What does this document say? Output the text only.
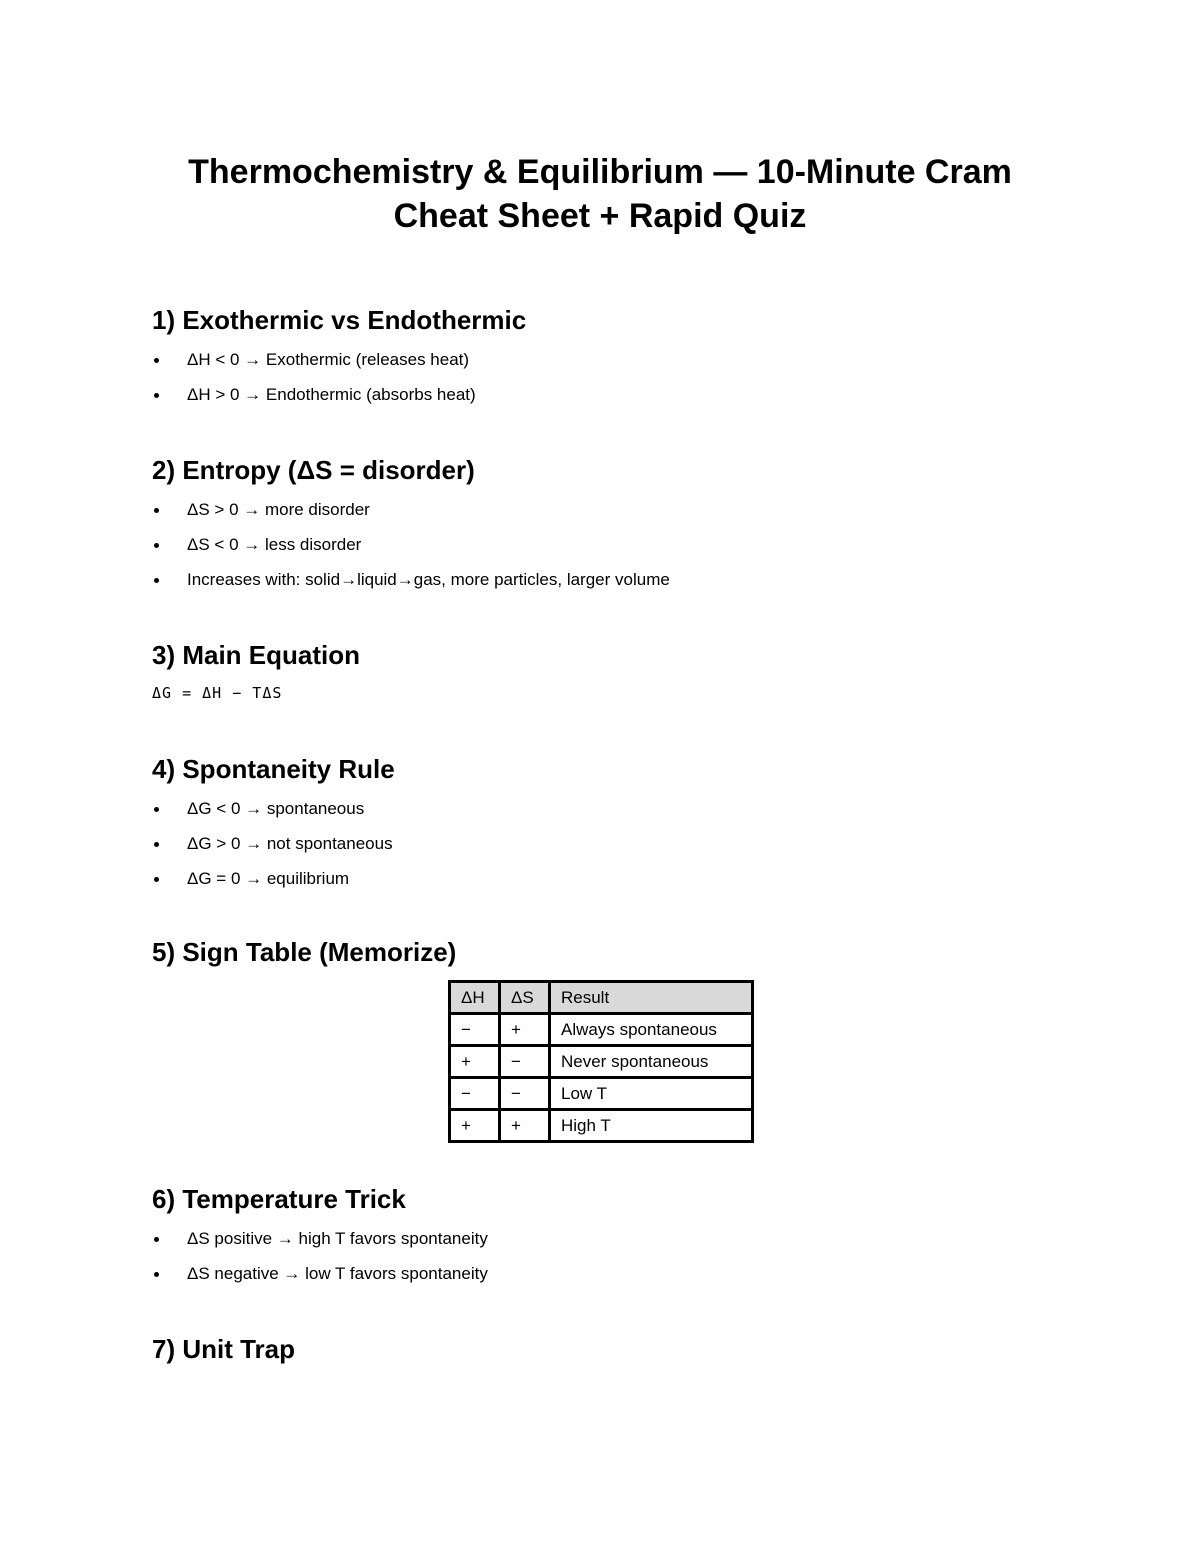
Thermochemistry & Equilibrium — 10-Minute Cram
Cheat Sheet + Rapid Quiz
1) Exothermic vs Endothermic
ΔH < 0 → Exothermic (releases heat)
ΔH > 0 → Endothermic (absorbs heat)
2) Entropy (ΔS = disorder)
ΔS > 0 → more disorder
ΔS < 0 → less disorder
Increases with: solid→liquid→gas, more particles, larger volume
3) Main Equation
ΔG = ΔH − TΔS
4) Spontaneity Rule
ΔG < 0 → spontaneous
ΔG > 0 → not spontaneous
ΔG = 0 → equilibrium
5) Sign Table (Memorize)
ΔH	ΔS	Result
−	+	Always spontaneous
+	−	Never spontaneous
−	−	Low T
+	+	High T
6) Temperature Trick
ΔS positive → high T favors spontaneity
ΔS negative → low T favors spontaneity
7) Unit Trap
